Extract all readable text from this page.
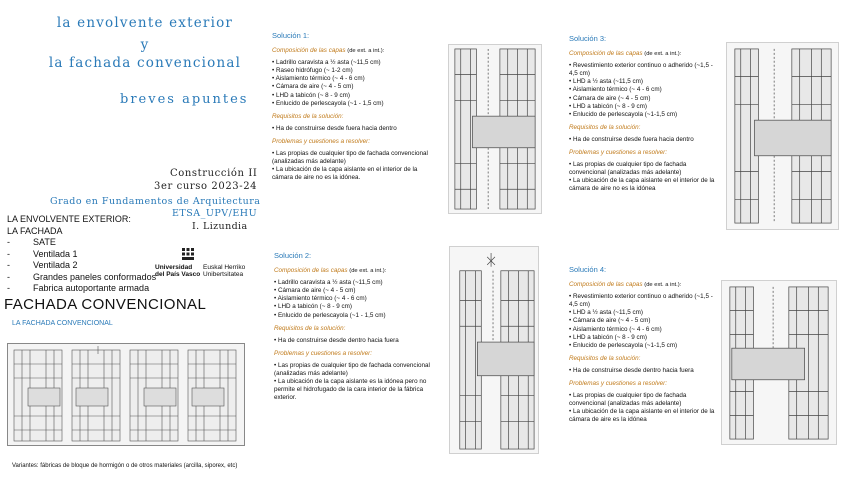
la envolvente exterior
y
la fachada convencional
breves apuntes
Construcción II
3er curso 2023-24
Grado en Fundamentos de Arquitectura
ETSA_UPV/EHU
I. Lizundia
LA ENVOLVENTE EXTERIOR:
LA FACHADA
-	SATE
-	Ventilada 1
-	Ventilada 2
-	Grandes paneles conformados
-	Fabrica autoportante armada
Universidad
del País Vasco
Euskal Herriko
Unibertsitatea
FACHADA CONVENCIONAL
LA FACHADA CONVENCIONAL
Variantes: fábricas de bloque de hormigón o de otros materiales (arcilla, siporex, etc)
Solución 1:
Composición de las capas (de ext. a int.):
• Ladrillo caravista a ½ asta (~11,5 cm)
• Raseo hidrófugo (~ 1-2 cm)
• Aislamiento térmico (~ 4 - 6 cm)
• Cámara de aire (~ 4 - 5 cm)
• LHD a tabicón (~ 8 - 9 cm)
• Enlucido de perlescayola (~1 - 1,5 cm)
Requisitos de la solución:
• Ha de construirse desde fuera hacia dentro
Problemas y cuestiones a resolver:
• Las propias de cualquier tipo de fachada convencional (analizadas más adelante)
• La ubicación de la capa aislante en el interior de la cámara de aire no es la idónea.
Solución 2:
Composición de las capas (de ext. a int.):
• Ladrillo caravista a ½ asta (~11,5 cm)
• Cámara de aire (~ 4 - 5 cm)
• Aislamiento térmico (~ 4 - 6 cm)
• LHD a tabicón (~ 8 - 9 cm)
• Enlucido de perlescayola (~1 - 1,5 cm)
Requisitos de la solución:
• Ha de construirse desde dentro hacia fuera
Problemas y cuestiones a resolver:
• Las propias de cualquier tipo de fachada convencional (analizadas más adelante)
• La ubicación de la capa aislante es la idónea pero no permite el hidrofugado de la cara interior de la fábrica exterior.
Solución 3:
Composición de las capas (de ext. a int.):
• Revestimiento exterior continuo o adherido (~1,5 - 4,5 cm)
• LHD a ½ asta (~11,5 cm)
• Aislamiento térmico (~ 4 - 6 cm)
• Cámara de aire (~ 4 - 5 cm)
• LHD a tabicón (~ 8 - 9 cm)
• Enlucido de perlescayola (~1-1,5 cm)
Requisitos de la solución:
• Ha de construirse desde fuera hacia dentro
Problemas y cuestiones a resolver:
• Las propias de cualquier tipo de fachada convencional (analizadas más adelante)
• La ubicación de la capa aislante en el interior de la cámara de aire no es la idónea
Solución 4:
Composición de las capas (de ext. a int.):
• Revestimiento exterior continuo o adherido (~1,5 - 4,5 cm)
• LHD a ½ asta (~11,5 cm)
• Cámara de aire (~ 4 - 5 cm)
• Aislamiento térmico (~ 4 - 6 cm)
• LHD a tabicón (~ 8 - 9 cm)
• Enlucido de perlescayola (~1-1,5 cm)
Requisitos de la solución:
• Ha de construirse desde dentro hacia fuera
Problemas y cuestiones a resolver:
• Las propias de cualquier tipo de fachada convencional (analizadas más adelante)
• La ubicación de la capa aislante en el interior de la cámara de aire es la idónea
